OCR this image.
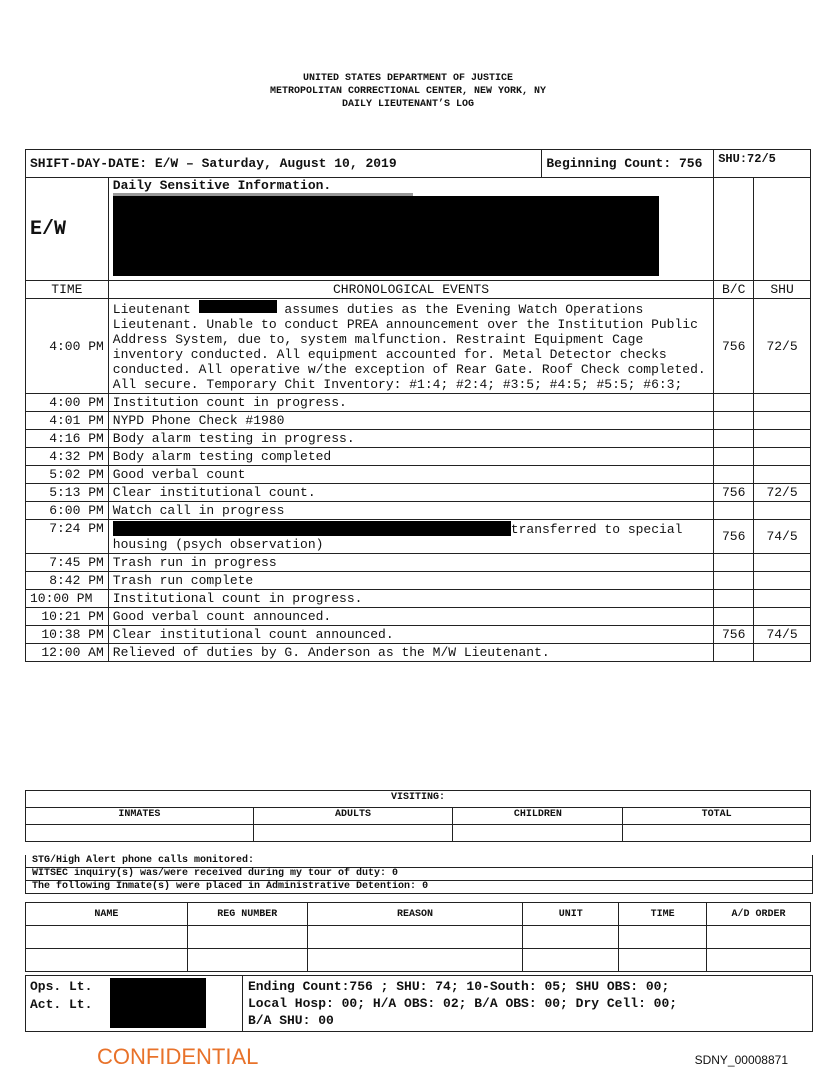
UNITED STATES DEPARTMENT OF JUSTICE
METROPOLITAN CORRECTIONAL CENTER, NEW YORK, NY
DAILY LIEUTENANT’S LOG
SHIFT-DAY-DATE: E/W – Saturday, August 10, 2019		Beginning Count: 756	SHU:72/5	
E/W	Daily Sensitive Information.			

TIME	CHRONOLOGICAL EVENTS		B/C	SHU
4:00 PM	Lieutenant assumes duties as the Evening Watch Operations Lieutenant. Unable to conduct PREA announcement over the Institution Public Address System, due to, system malfunction. Restraint Equipment Cage inventory conducted. All equipment accounted for. Metal Detector checks conducted. All operative w/the exception of Rear Gate. Roof Check completed. All secure. Temporary Chit Inventory: #1:4; #2:4; #3:5; #4:5; #5:5; #6:3;		756	72/5
4:00 PM	Institution count in progress.			
4:01 PM	NYPD Phone Check #1980			
4:16 PM	Body alarm testing in progress.			
4:32 PM	Body alarm testing completed			
5:02 PM	Good verbal count			
5:13 PM	Clear institutional count.		756	72/5
6:00 PM	Watch call in progress			
7:24 PM	transferred to special housing (psych observation)		756	74/5
7:45 PM	Trash run in progress			
8:42 PM	Trash run complete			
10:00 PM	Institutional count in progress.			
10:21 PM	Good verbal count announced.			
10:38 PM	Clear institutional count announced.		756	74/5
12:00 AM	Relieved of duties by G. Anderson as the M/W Lieutenant.			
VISITING:			
INMATES	ADULTS	CHILDREN	TOTAL

STG/High Alert phone calls monitored:
WITSEC inquiry(s) was/were received during my tour of duty: 0
The following Inmate(s) were placed in Administrative Detention: 0
NAME	REG NUMBER	REASON	UNIT	TIME	A/D ORDER

Ops. Lt.
Act. Lt.
Ending Count:756 ; SHU: 74; 10-South: 05; SHU OBS: 00;
Local Hosp: 00; H/A OBS: 02; B/A OBS: 00; Dry Cell: 00;
B/A SHU: 00
CONFIDENTIAL	SDNY_00008871
